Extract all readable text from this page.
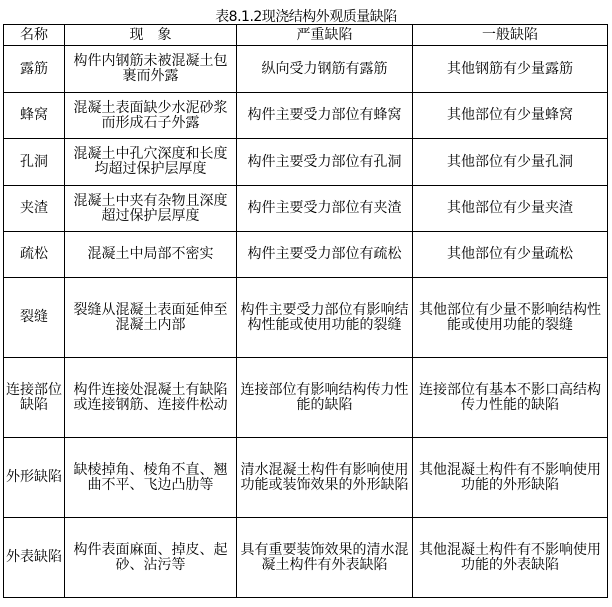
表8.1.2现浇结构外观质量缺陷
名称	现　象	严重缺陷	一般缺陷
露筋	构件内钢筋未被混凝土包裹而外露	纵向受力钢筋有露筋	其他钢筋有少量露筋
蜂窝	混凝土表面缺少水泥砂浆而形成石子外露	构件主要受力部位有蜂窝	其他部位有少量蜂窝
孔洞	混凝土中孔穴深度和长度均超过保护层厚度	构件主要受力部位有孔洞	其他部位有少量孔洞
夹渣	混凝土中夹有杂物且深度超过保护层厚度	构件主要受力部位有夹渣	其他部位有少量夹渣
疏松	混凝土中局部不密实	构件主要受力部位有疏松	其他部位有少量疏松
裂缝	裂缝从混凝土表面延伸至混凝土内部	构件主要受力部位有影响结构性能或使用功能的裂缝	其他部位有少量不影响结构性能或使用功能的裂缝
连接部位缺陷	构件连接处混凝土有缺陷或连接钢筋、连接件松动	连接部位有影响结构传力性能的缺陷	连接部位有基本不影口高结构传力性能的缺陷
外形缺陷	缺棱掉角、棱角不直、翘曲不平、飞边凸肋等	清水混凝土构件有影响使用功能或装饰效果的外形缺陷	其他混凝土构件有不影响使用功能的外形缺陷
外表缺陷	构件表面麻面、掉皮、起砂、沾污等	具有重要装饰效果的清水混凝土构件有外表缺陷	其他混凝土构件有不影响使用功能的外表缺陷
